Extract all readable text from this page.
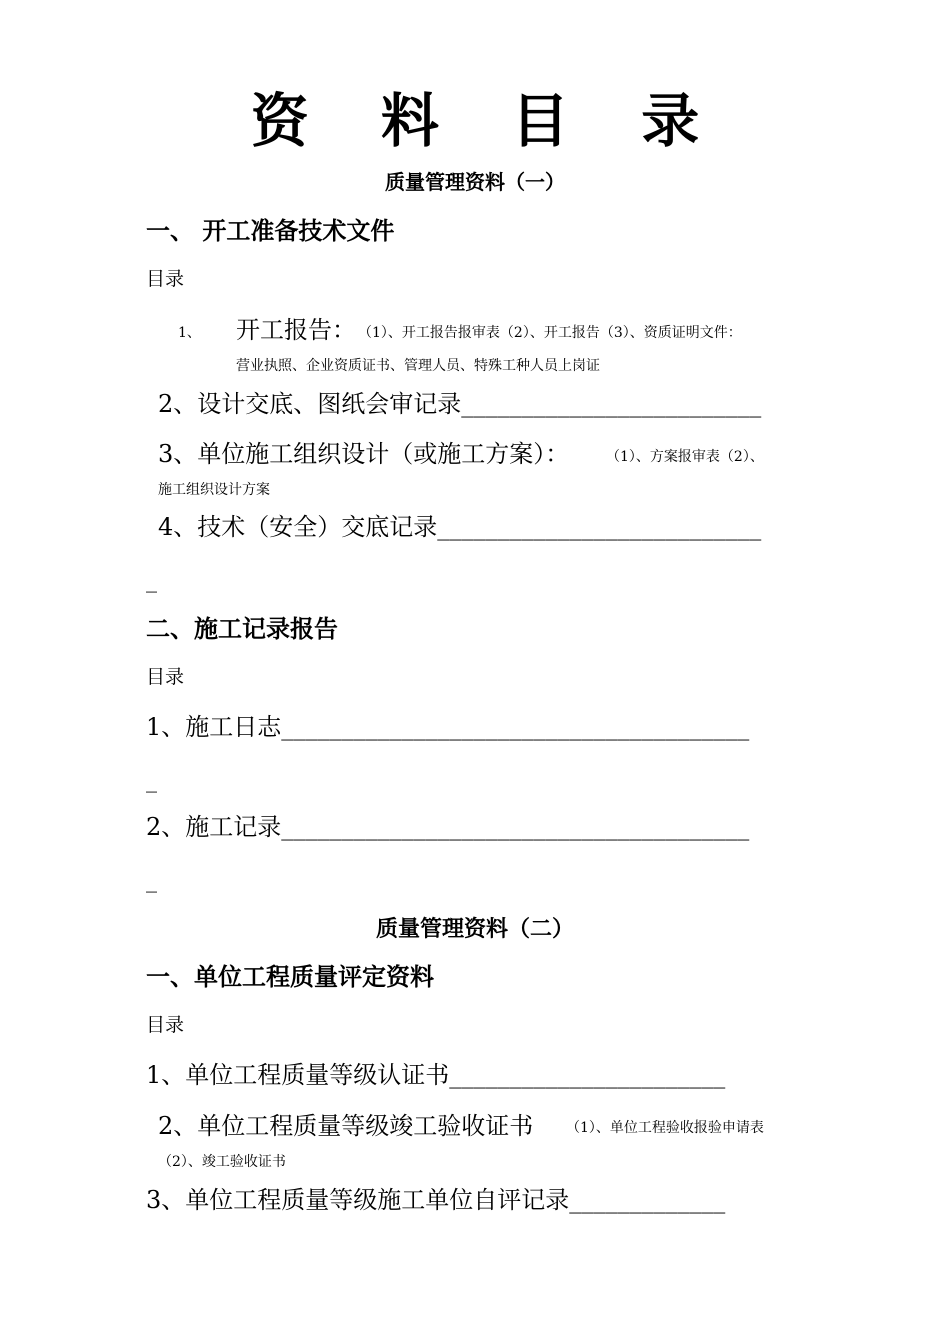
资 料 目 录
质量管理资料（一）
一、 开工准备技术文件
目录
1、 开工报告： （1）、开工报告报审表（2）、开工报告（3）、资质证明文件：
营业执照、企业资质证书、管理人员、特殊工种人员上岗证
2、设计交底、图纸会审记录_________________________
3、单位施工组织设计（或施工方案）：	（1）、方案报审表（2）、
施工组织设计方案
4、技术（安全）交底记录___________________________
_
二、施工记录报告
目录
1、施工日志_______________________________________
_
2、施工记录_______________________________________
_
质量管理资料（二）
一、单位工程质量评定资料
目录
1、单位工程质量等级认证书_______________________
2、单位工程质量等级竣工验收证书 （1）、单位工程验收报验申请表
（2）、竣工验收证书
3、单位工程质量等级施工单位自评记录_____________
